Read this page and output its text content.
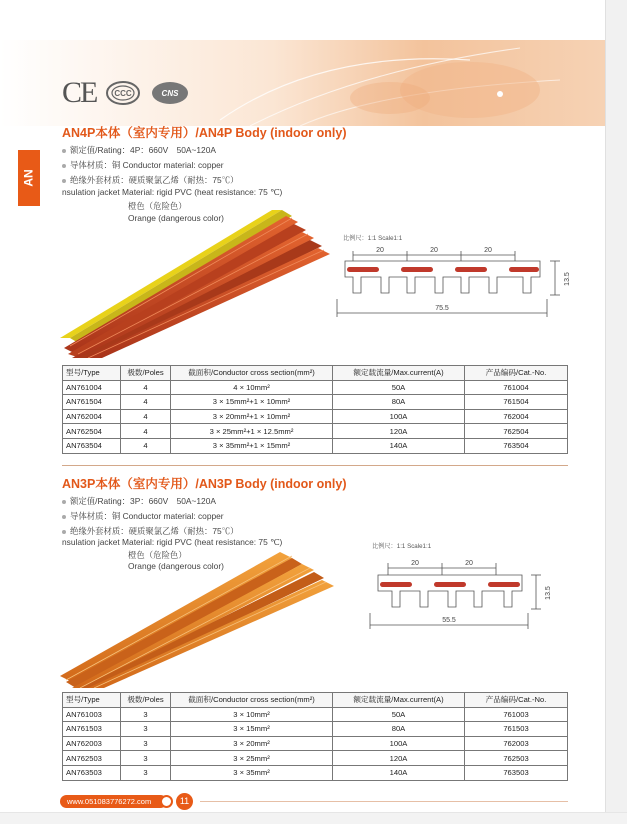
CE CCC	CNS
AN
AN4P本体（室内专用）/AN4P Body (indoor only)
额定值/Rating：4P：660V　50A~120A
导体材质：铜 Conductor material: copper
绝缘外套材质：硬质聚氯乙烯（耐热：75℃）
nsulation jacket Material: rigid PVC (heat resistance: 75 ℃)
橙色（危险色）
Orange (dangerous color)
比例尺：1:1 Scale1:1
20	20	20
75.5
13.5
型号/Type	极数/Poles	截面积/Conductor cross section(mm²)	额定载流量/Max.current(A)	产品编码/Cat.-No.
AN761004	4	4 × 10mm²	50A	761004
AN761504	4	3 × 15mm²+1 × 10mm²	80A	761504
AN762004	4	3 × 20mm²+1 × 10mm²	100A	762004
AN762504	4	3 × 25mm²+1 × 12.5mm²	120A	762504
AN763504	4	3 × 35mm²+1 × 15mm²	140A	763504
AN3P本体（室内专用）/AN3P Body (indoor only)
额定值/Rating：3P：660V　50A~120A
导体材质：铜 Conductor material: copper
绝缘外套材质：硬质聚氯乙烯（耐热：75℃）
nsulation jacket Material: rigid PVC (heat resistance: 75 ℃)
橙色（危险色）
Orange (dangerous color)
比例尺：1:1 Scale1:1
20	20
55.5
13.5
型号/Type	极数/Poles	截面积/Conductor cross section(mm²)	额定载流量/Max.current(A)	产品编码/Cat.-No.
AN761003	3	3 × 10mm²	50A	761003
AN761503	3	3 × 15mm²	80A	761503
AN762003	3	3 × 20mm²	100A	762003
AN762503	3	3 × 25mm²	120A	762503
AN763503	3	3 × 35mm²	140A	763503
www.051083776272.com	11
